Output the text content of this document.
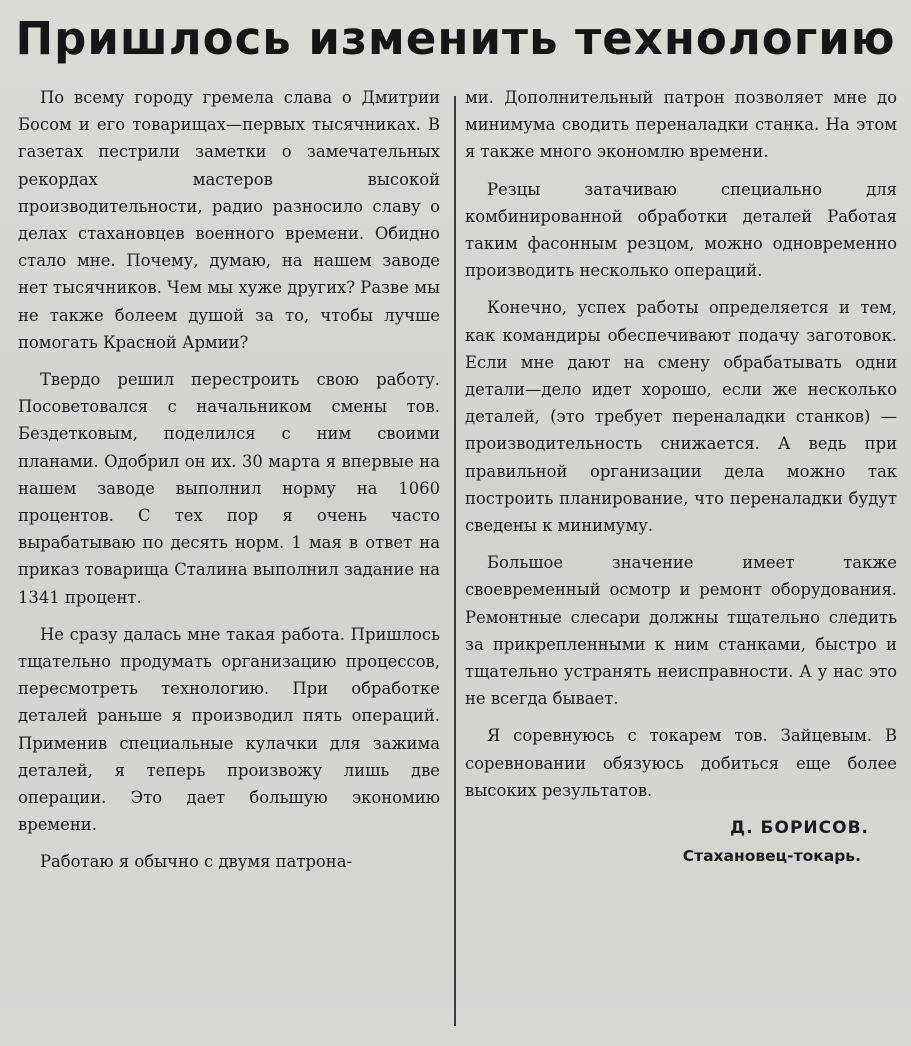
Пришлось изменить технологию

По всему городу гремела слава о Дмитрии Босом и его товарищах—первых тысячниках. В газетах пестрили заметки о замечательных рекордах мастеров высокой производительности, радио разносило славу о делах стахановцев военного времени. Обидно стало мне. Почему, думаю, на нашем заводе нет тысячников. Чем мы хуже других? Разве мы не также болеем душой за то, чтобы лучше помогать Красной Армии?

Твердо решил перестроить свою работу. Посоветовался с начальником смены тов. Бездетковым, поделился с ним своими планами. Одобрил он их. 30 марта я впервые на нашем заводе выполнил норму на 1060 процентов. С тех пор я очень часто вырабатываю по десять норм. 1 мая в ответ на приказ товарища Сталина выполнил задание на 1341 процент.

Не сразу далась мне такая работа. Пришлось тщательно продумать организацию процессов, пересмотреть технологию. При обработке деталей раньше я производил пять операций. Применив специальные кулачки для зажима деталей, я теперь произвожу лишь две операции. Это дает большую экономию времени.

Работаю я обычно с двумя патрона-

ми. Дополнительный патрон позволяет мне до минимума сводить переналадки станка. На этом я также много экономлю времени.

Резцы затачиваю специально для комбинированной обработки деталей Работая таким фасонным резцом, можно одновременно производить несколько операций.

Конечно, успех работы определяется и тем, как командиры обеспечивают подачу заготовок. Если мне дают на смену обрабатывать одни детали—дело идет хорошо, если же несколько деталей, (это требует переналадки станков) — производительность снижается. А ведь при правильной организации дела можно так построить планирование, что переналадки будут сведены к минимуму.

Большое значение имеет также своевременный осмотр и ремонт оборудования. Ремонтные слесари должны тщательно следить за прикрепленными к ним станками, быстро и тщательно устранять неисправности. А у нас это не всегда бывает.

Я соревнуюсь с токарем тов. Зайцевым. В соревновании обязуюсь добиться еще более высоких результатов.

Д. БОРИСОВ.
Стахановец-токарь.
